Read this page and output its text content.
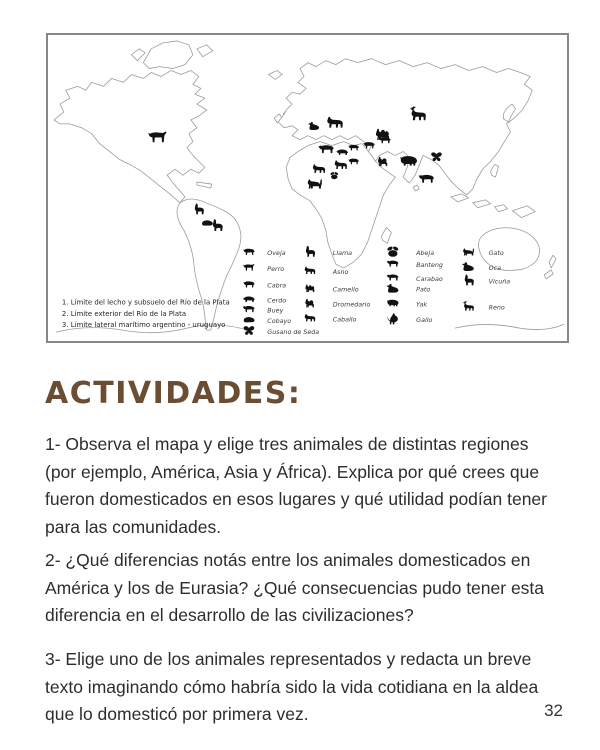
Oveja
Perro
Cabra
Cerdo
Buey
Cobayo
Gusano de Seda
Llama
Asno
Camello
Dromedario
Caballo
Abeja
Banteng
Carabao
Pato
Yak
Gallo
Gato
Oca
Vicuña
Reno
1. Límite del lecho y subsuelo del Río de la Plata
2. Límite exterior del Río de la Plata
3. Límite lateral marítimo argentino - uruguayo
ACTIVIDADES:

1- Observa el mapa y elige tres animales de distintas regiones (por ejemplo, América, Asia y África). Explica por qué crees que fueron domesticados en esos lugares y qué utilidad podían tener para las comunidades.

2- ¿Qué diferencias notás entre los animales domesticados en América y los de Eurasia? ¿Qué consecuencias pudo tener esta diferencia en el desarrollo de las civilizaciones?

3- Elige uno de los animales representados y redacta un breve texto imaginando cómo habría sido la vida cotidiana en la aldea que lo domesticó por primera vez.	32
